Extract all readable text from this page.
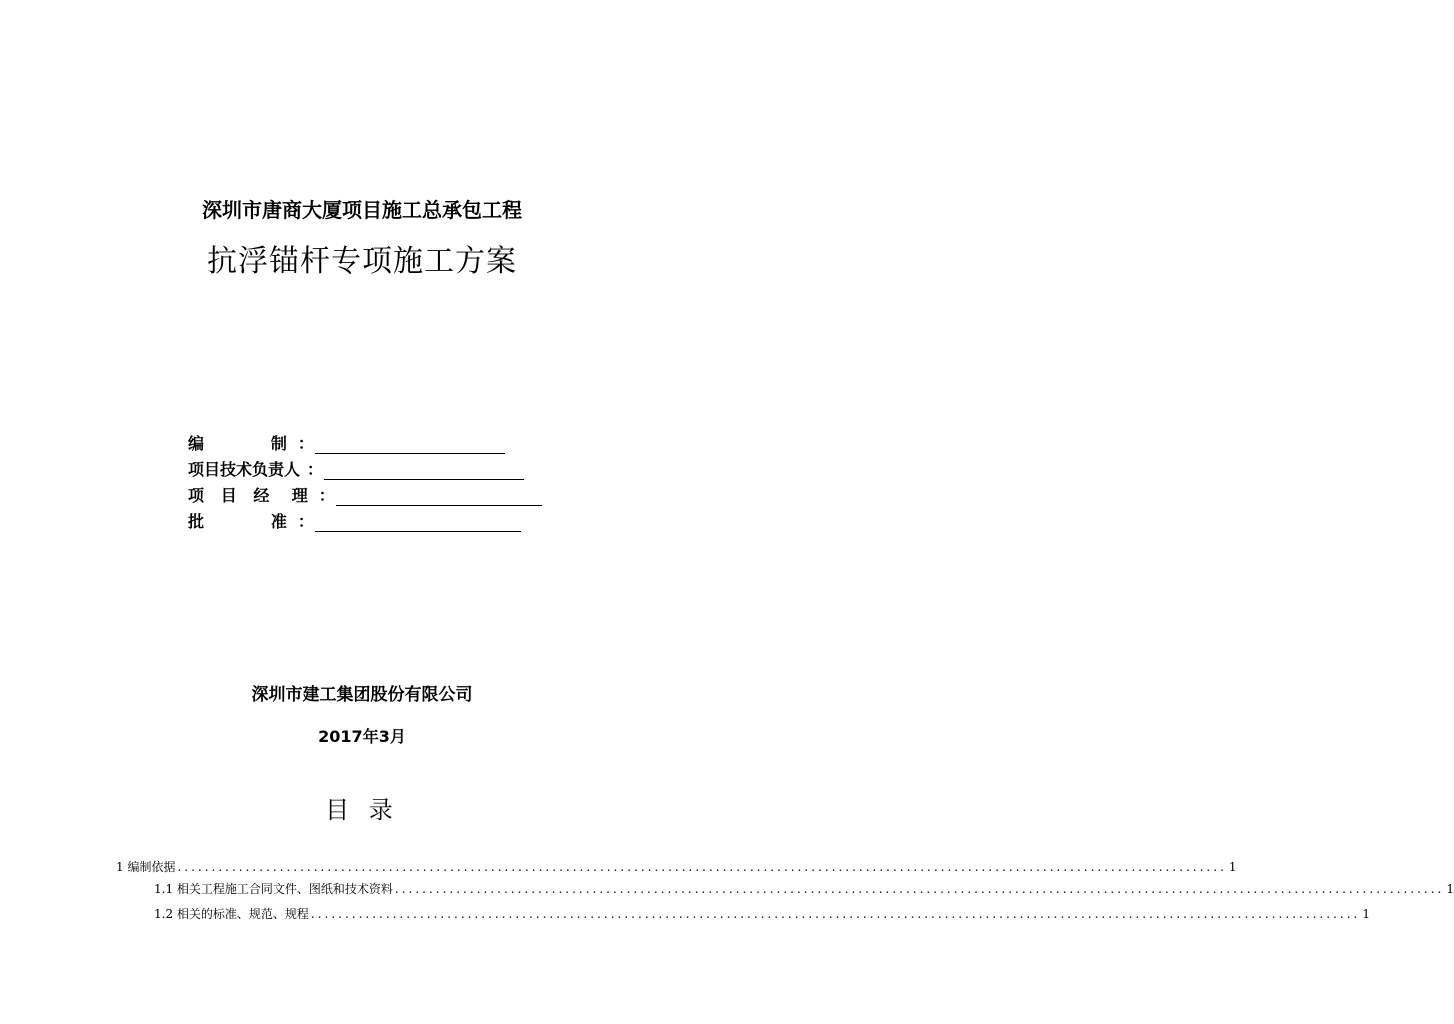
深圳市唐商大厦项目施工总承包工程
抗浮锚杆专项施工方案
编            制 ：
项目技术负责人 ：
项   目   经    理 ：
批            准 ：
深圳市建工集团股份有限公司
2017年3月
目 录
1 编制依据 .......................................................................................................................................................... 1
1.1 相关工程施工合同文件、图纸和技术资料 .......................................................................................................................................................... 1
1.2 相关的标准、规范、规程 .......................................................................................................................................................... 1
